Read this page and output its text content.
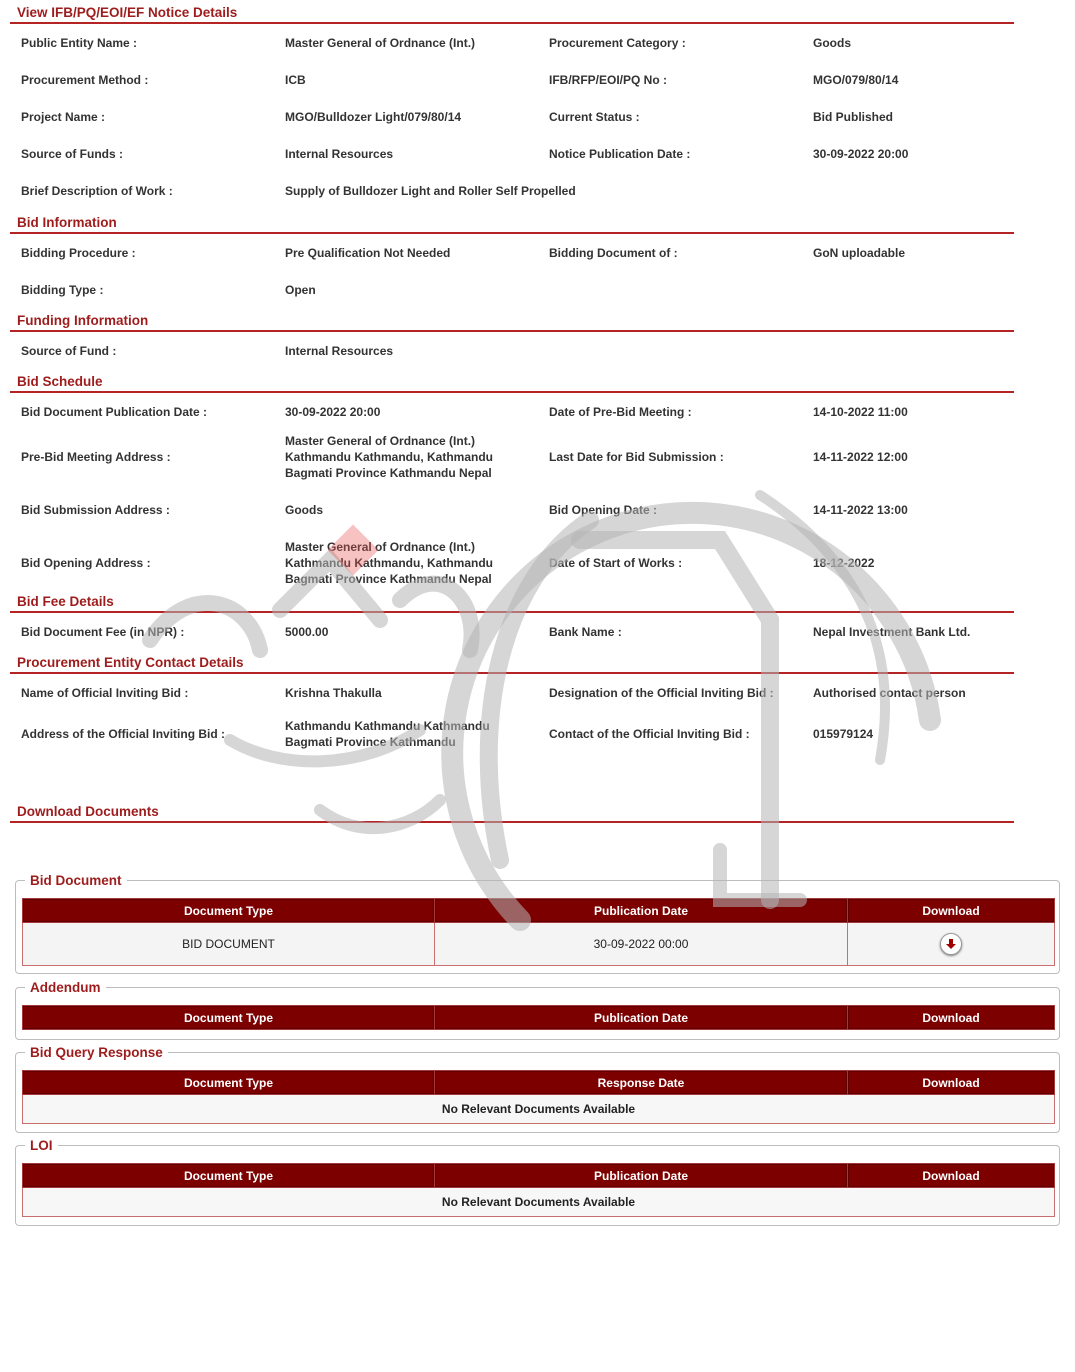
View IFB/PQ/EOI/EF Notice Details
Public Entity Name :	Master General of Ordnance (Int.)	Procurement Category :	Goods
Procurement Method :	ICB	IFB/RFP/EOI/PQ No :	MGO/079/80/14
Project Name :	MGO/Bulldozer Light/079/80/14	Current Status :	Bid Published
Source of Funds :	Internal Resources	Notice Publication Date :	30-09-2022 20:00
Brief Description of Work :	Supply of Bulldozer Light and Roller Self Propelled		
Bid Information
Bidding Procedure :	Pre Qualification Not Needed	Bidding Document of :	GoN uploadable
Bidding Type :	Open		
Funding Information
Source of Fund :	Internal Resources		
Bid Schedule
Bid Document Publication Date :	30-09-2022 20:00	Date of Pre-Bid Meeting :	14-10-2022 11:00
Pre-Bid Meeting Address :	Master General of Ordnance (Int.)
Kathmandu Kathmandu, Kathmandu
Bagmati Province Kathmandu Nepal	Last Date for Bid Submission :	14-11-2022 12:00
Bid Submission Address :	Goods	Bid Opening Date :	14-11-2022 13:00
Bid Opening Address :	Master General of Ordnance (Int.)
Kathmandu Kathmandu, Kathmandu
Bagmati Province Kathmandu Nepal	Date of Start of Works :	18-12-2022
Bid Fee Details
Bid Document Fee (in NPR) :	5000.00	Bank Name :	Nepal Investment Bank Ltd.
Procurement Entity Contact Details
Name of Official Inviting Bid :	Krishna Thakulla	Designation of the Official Inviting Bid :	Authorised contact person
Address of the Official Inviting Bid :	Kathmandu Kathmandu Kathmandu
Bagmati Province Kathmandu	Contact of the Official Inviting Bid :	015979124
Download Documents
Bid Document
Document Type	Publication Date	Download
BID DOCUMENT	30-09-2022 00:00	
Addendum
Document Type	Publication Date	Download
Bid Query Response
Document Type	Response Date	Download
No Relevant Documents Available
LOI
Document Type	Publication Date	Download
No Relevant Documents Available
